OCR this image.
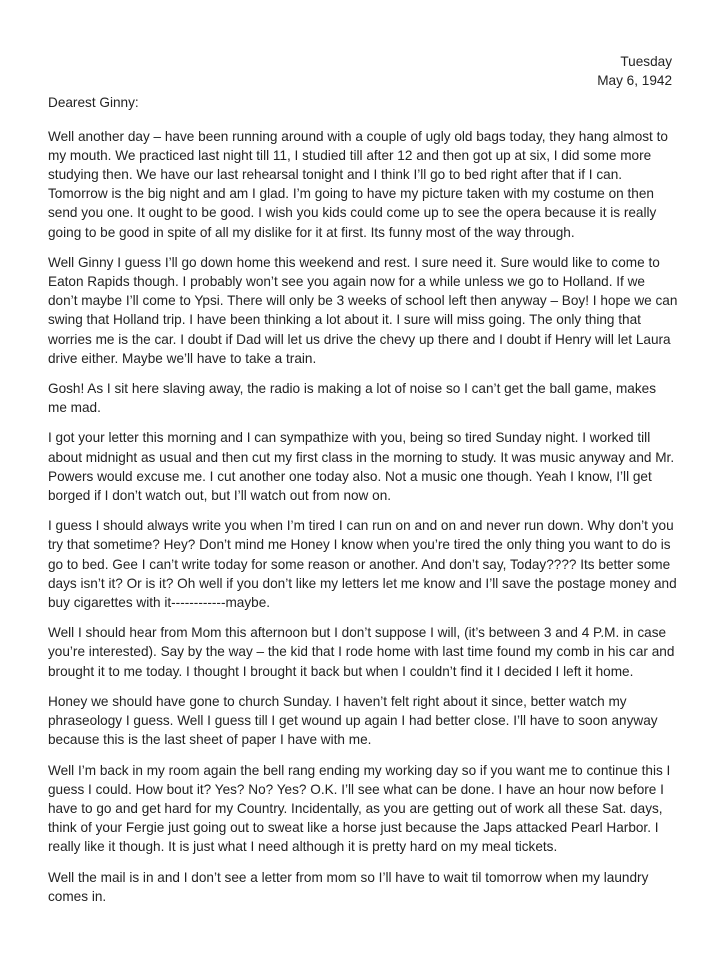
Tuesday
May 6, 1942
Dearest Ginny:

Well another day – have been running around with a couple of ugly old bags today, they hang almost to my mouth. We practiced last night till 11, I studied till after 12 and then got up at six, I did some more studying then. We have our last rehearsal tonight and I think I’ll go to bed right after that if I can. Tomorrow is the big night and am I glad. I’m going to have my picture taken with my costume on then send you one. It ought to be good. I wish you kids could come up to see the opera because it is really going to be good in spite of all my dislike for it at first. Its funny most of the way through.

Well Ginny I guess I’ll go down home this weekend and rest. I sure need it. Sure would like to come to Eaton Rapids though. I probably won’t see you again now for a while unless we go to Holland. If we don’t maybe I’ll come to Ypsi. There will only be 3 weeks of school left then anyway – Boy! I hope we can swing that Holland trip. I have been thinking a lot about it. I sure will miss going. The only thing that worries me is the car. I doubt if Dad will let us drive the chevy up there and I doubt if Henry will let Laura drive either. Maybe we’ll have to take a train.

Gosh! As I sit here slaving away, the radio is making a lot of noise so I can’t get the ball game, makes me mad.

I got your letter this morning and I can sympathize with you, being so tired Sunday night. I worked till about midnight as usual and then cut my first class in the morning to study. It was music anyway and Mr. Powers would excuse me. I cut another one today also. Not a music one though. Yeah I know, I’ll get borged if I don’t watch out, but I’ll watch out from now on.

I guess I should always write you when I’m tired I can run on and on and never run down. Why don’t you try that sometime? Hey? Don’t mind me Honey I know when you’re tired the only thing you want to do is go to bed. Gee I can’t write today for some reason or another. And don’t say, Today???? Its better some days isn’t it? Or is it? Oh well if you don’t like my letters let me know and I’ll save the postage money and buy cigarettes with it------------maybe.

Well I should hear from Mom this afternoon but I don’t suppose I will, (it’s between 3 and 4 P.M. in case you’re interested). Say by the way – the kid that I rode home with last time found my comb in his car and brought it to me today. I thought I brought it back but when I couldn’t find it I decided I left it home.

Honey we should have gone to church Sunday. I haven’t felt right about it since, better watch my phraseology I guess. Well I guess till I get wound up again I had better close. I’ll have to soon anyway because this is the last sheet of paper I have with me.

Well I’m back in my room again the bell rang ending my working day so if you want me to continue this I guess I could. How bout it? Yes? No? Yes? O.K. I’ll see what can be done. I have an hour now before I have to go and get hard for my Country. Incidentally, as you are getting out of work all these Sat. days, think of your Fergie just going out to sweat like a horse just because the Japs attacked Pearl Harbor. I really like it though. It is just what I need although it is pretty hard on my meal tickets.

Well the mail is in and I don’t see a letter from mom so I’ll have to wait til tomorrow when my laundry comes in.
